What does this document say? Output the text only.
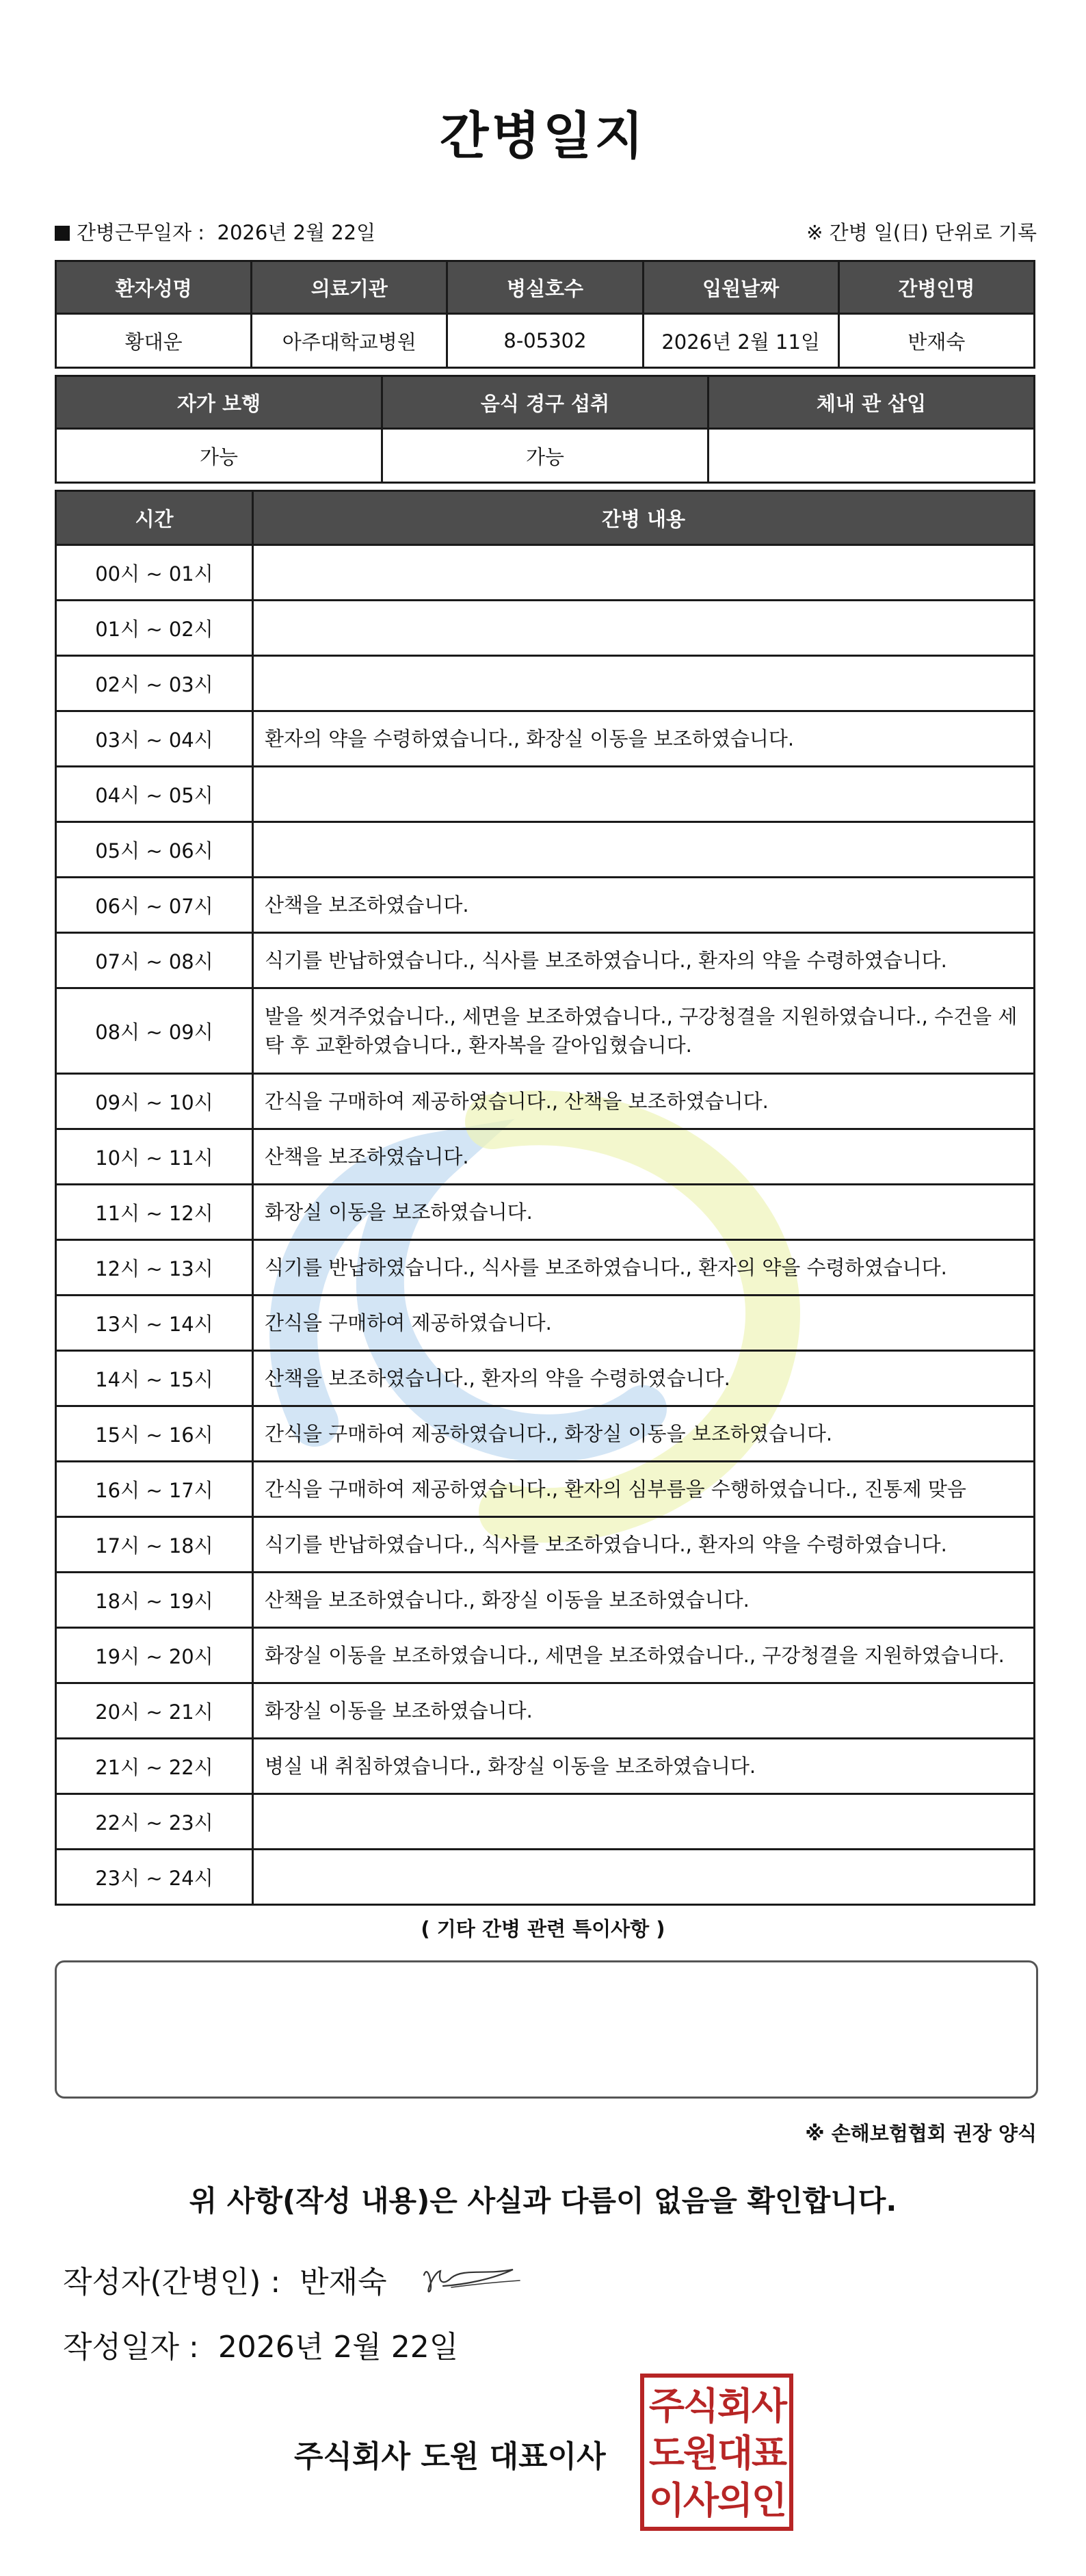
간병일지
간병근무일자 : 2026년 2월 22일	※ 간병 일(日) 단위로 기록
환자성명	의료기관	병실호수	입원날짜	간병인명
황대운	아주대학교병원	8-05302	2026년 2월 11일	반재숙
자가 보행	음식 경구 섭취	체내 관 삽입
가능	가능	
시간	간병 내용
00시 ~ 01시	
01시 ~ 02시	
02시 ~ 03시	
03시 ~ 04시	환자의 약을 수령하였습니다., 화장실 이동을 보조하였습니다.
04시 ~ 05시	
05시 ~ 06시	
06시 ~ 07시	산책을 보조하였습니다.
07시 ~ 08시	식기를 반납하였습니다., 식사를 보조하였습니다., 환자의 약을 수령하였습니다.
08시 ~ 09시	발을 씻겨주었습니다., 세면을 보조하였습니다., 구강청결을 지원하였습니다., 수건을 세탁 후 교환하였습니다., 환자복을 갈아입혔습니다.
09시 ~ 10시	간식을 구매하여 제공하였습니다., 산책을 보조하였습니다.
10시 ~ 11시	산책을 보조하였습니다.
11시 ~ 12시	화장실 이동을 보조하였습니다.
12시 ~ 13시	식기를 반납하였습니다., 식사를 보조하였습니다., 환자의 약을 수령하였습니다.
13시 ~ 14시	간식을 구매하여 제공하였습니다.
14시 ~ 15시	산책을 보조하였습니다., 환자의 약을 수령하였습니다.
15시 ~ 16시	간식을 구매하여 제공하였습니다., 화장실 이동을 보조하였습니다.
16시 ~ 17시	간식을 구매하여 제공하였습니다., 환자의 심부름을 수행하였습니다., 진통제 맞음
17시 ~ 18시	식기를 반납하였습니다., 식사를 보조하였습니다., 환자의 약을 수령하였습니다.
18시 ~ 19시	산책을 보조하였습니다., 화장실 이동을 보조하였습니다.
19시 ~ 20시	화장실 이동을 보조하였습니다., 세면을 보조하였습니다., 구강청결을 지원하였습니다.
20시 ~ 21시	화장실 이동을 보조하였습니다.
21시 ~ 22시	병실 내 취침하였습니다., 화장실 이동을 보조하였습니다.
22시 ~ 23시	
23시 ~ 24시	
( 기타 간병 관련 특이사항 )
※ 손해보험협회 권장 양식
위 사항(작성 내용)은 사실과 다름이 없음을 확인합니다.
작성자(간병인) : 반재숙
작성일자 : 2026년 2월 22일
주식회사 도원 대표이사
주 식 회 사
도 원 대 표
이 사 의 인
